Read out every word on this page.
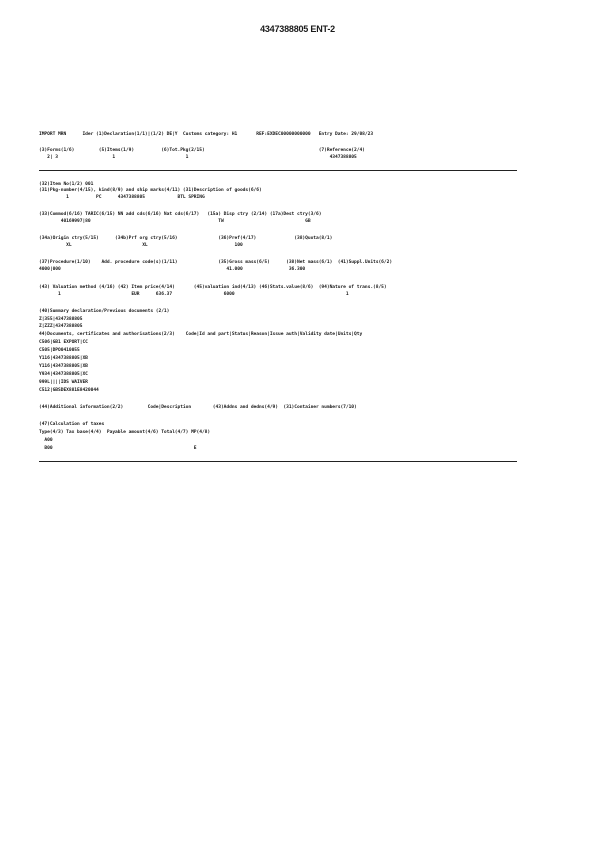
4347388805 ENT-2
IMPORT MRN      Ider (1)Declaration(1/1)|(1/2) DE|Y  Customs category: H1       REF:EXDEC00000000000   Entry Date: 29/08/23
(3)Forms(1/6)         (5)Items(1/9)          (6)Tot.Pkg(2/15)                                          (7)Reference(2/4)
2| 3                    1                          1                                                    4347388805
(32)Item No(1/2) 001
(31)Pkg-number(4/15), kind(8/9) and ship marks(4/11) (31)Description of goods(6/6)
1          PC      4347388805            BTL SPRING
(33)Commod(6/16) TARIC(6/15) NN add cds(6/16) Nat cds(6/17)   (15a) Disp ctry (2/14) (17a)Dest ctry(3/6)
40169997|80                                               TW                              GB
(34a)Origin ctry(5/15)      (34b)Prf org ctry(5/16)               (36)Pref(4/17)              (38)Quota(8/1)
XL                          XL                                100
(37)Procedure(1/10)    Add. procedure code(s)(1/11)               (35)Gross mass(6/5)      (38)Net mass(6/1)  (41)Suppl.Units(6/2)
4000|000                                                             41.000                 36.300
(43) Valuation method (4/16) (42) Item price(4/14)       (45)valuation ind(4/13) (46)Stats.value(8/6)  (94)Nature of trans.(8/5)
1                          EUR      636.37                   6000                                         1
(40)Summary declaration/Previous documents (2/1)
Z|355|4347388805
Z|ZZZ|4347388805
44)Documents, certificates and authorisations(2/3)    Code|Id and part|Status|Reason|Issue auth|Validity date|Units|Qty
C506|GB1 EXPORT|CC
C505|DPO0410055
Y116|4347388805|XB
Y116|4347388805|XB
Y934|4347388805|XC
999L||||IDS WAIVER
C512|GBSDEX881E8420044
(44)Additional information(2/2)         Code|Description        (43)Addns and dedns(4/9)  (31)Container numbers(7/10)
(47)Calculation of taxes
Type(4/3) Tax base(4/4)  Payable amount(4/6) Total(4/7) MP(4/8)
A00
B00                                                    E
